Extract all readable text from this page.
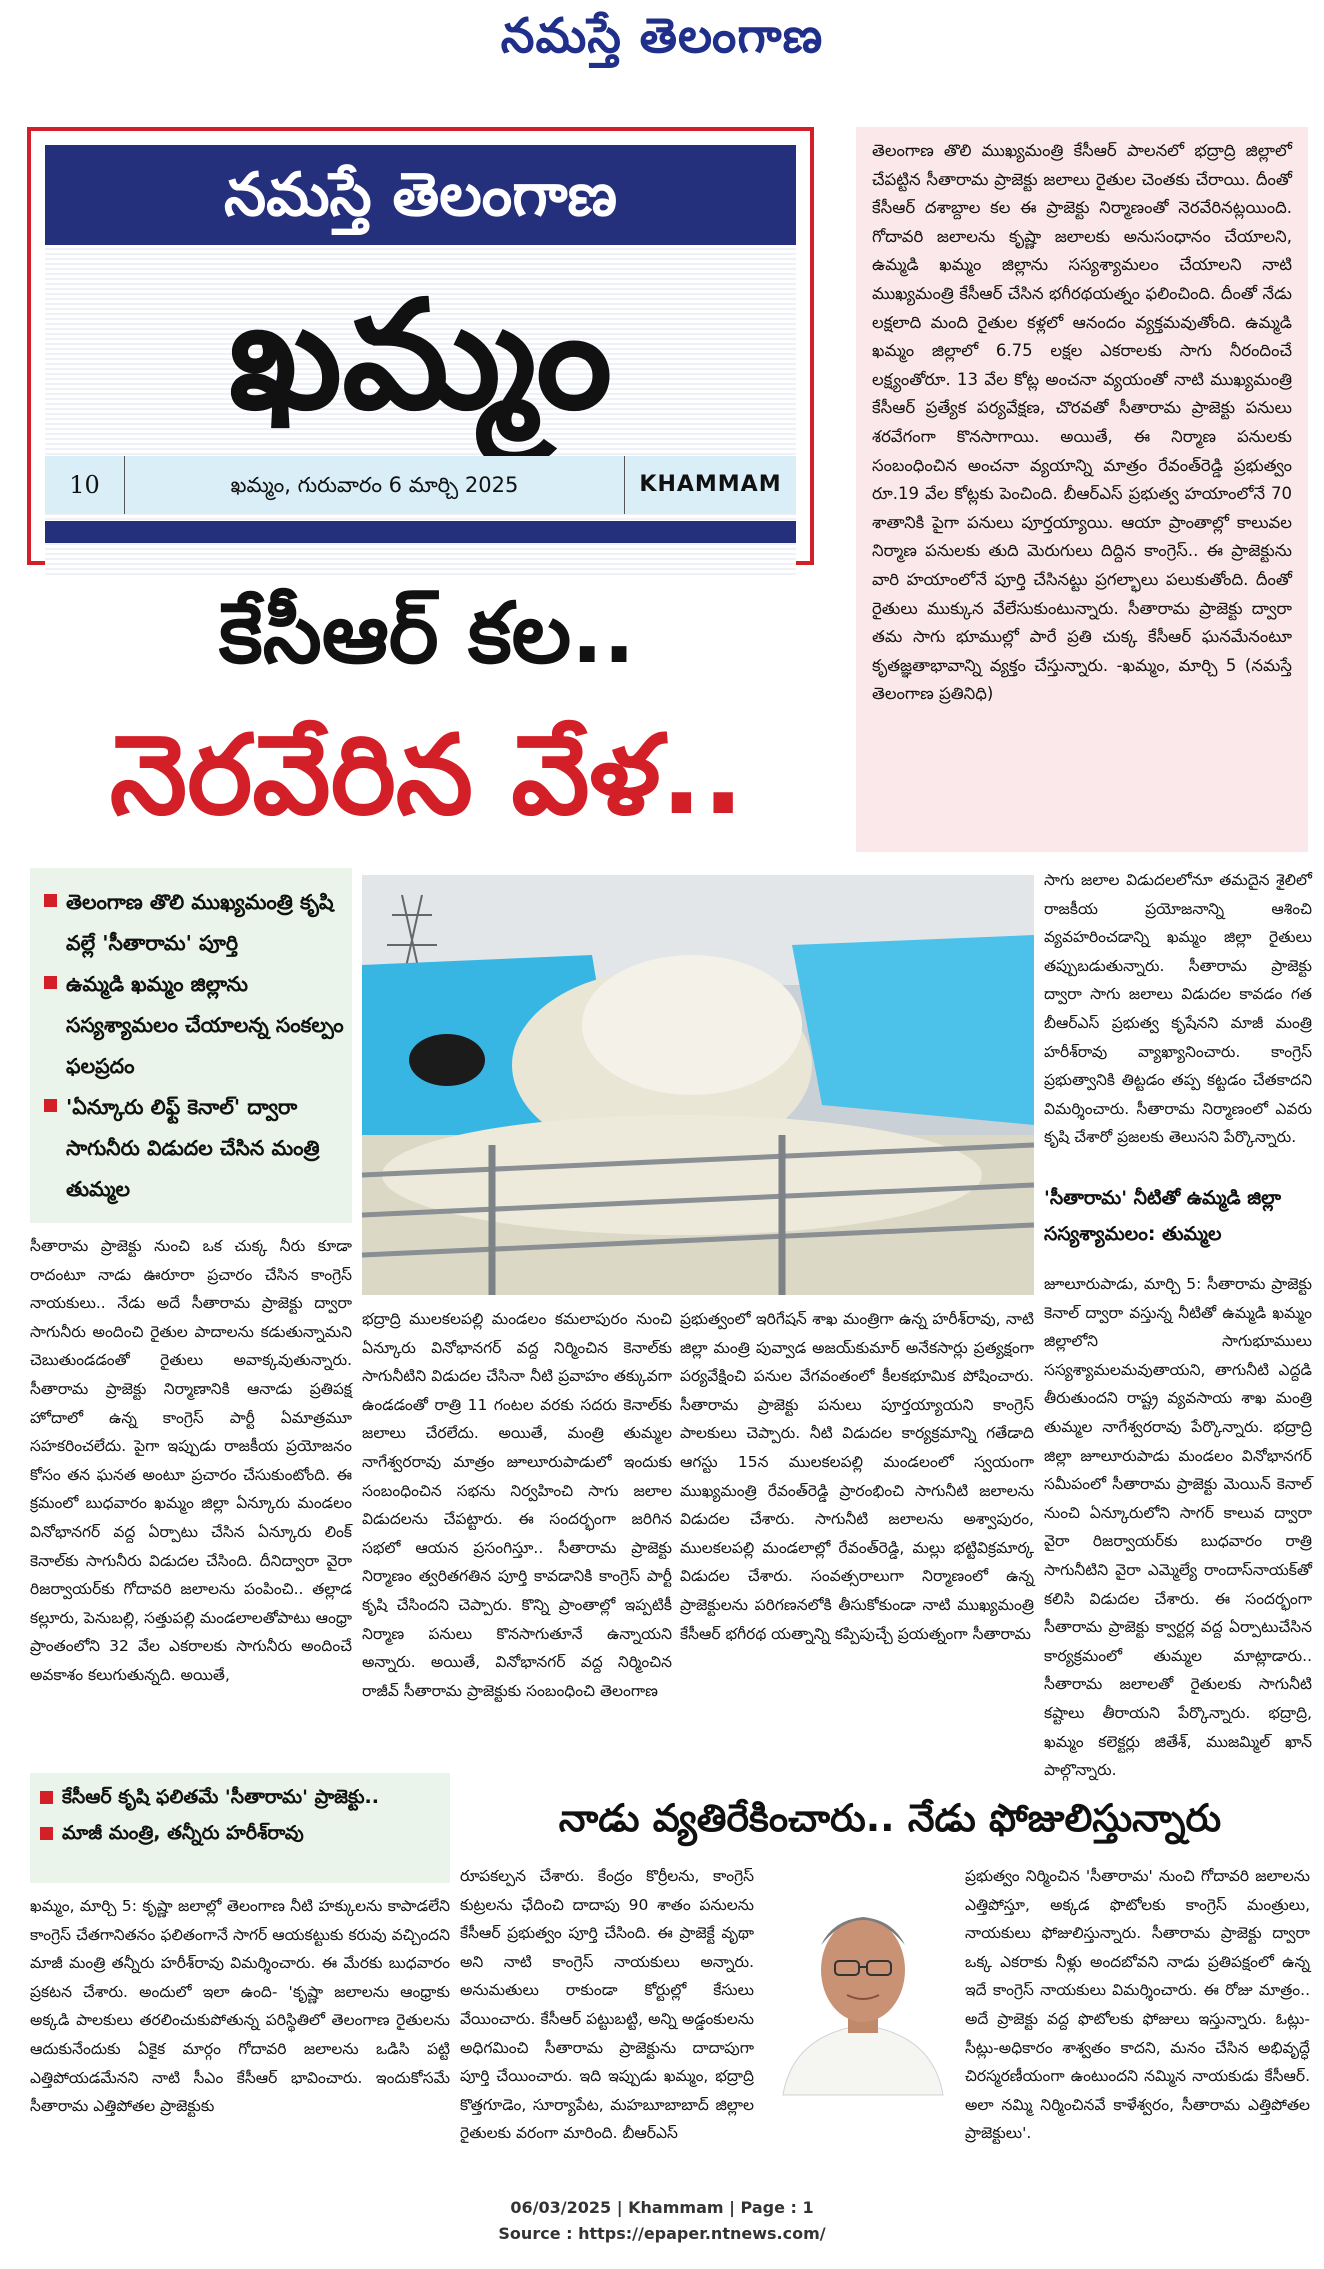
నమస్తే తెలంగాణ
నమస్తే తెలంగాణ
ఖమ్మం
10	ఖమ్మం, గురువారం 6 మార్చి 2025	KHAMMAM
తెలంగాణ తొలి ముఖ్యమంత్రి కేసీఆర్ పాలనలో భద్రాద్రి జిల్లాలో చేపట్టిన సీతారామ ప్రాజెక్టు జలాలు రైతుల చెంతకు చేరాయి. దీంతో కేసీఆర్ దశాబ్దాల కల ఈ ప్రాజెక్టు నిర్మాణంతో నెరవేరినట్లయింది. గోదావరి జలాలను కృష్ణా జలాలకు అనుసంధానం చేయాలని, ఉమ్మడి ఖమ్మం జిల్లాను సస్యశ్యామలం చేయాలని నాటి ముఖ్యమంత్రి కేసీఆర్ చేసిన భగీరథయత్నం ఫలించింది. దీంతో నేడు లక్షలాది మంది రైతుల కళ్లలో ఆనందం వ్యక్తమవుతోంది. ఉమ్మడి ఖమ్మం జిల్లాలో 6.75 లక్షల ఎకరాలకు సాగు నీరందించే లక్ష్యంతోరూ. 13 వేల కోట్ల అంచనా వ్యయంతో నాటి ముఖ్యమంత్రి కేసీఆర్ ప్రత్యేక పర్యవేక్షణ, చొరవతో సీతారామ ప్రాజెక్టు పనులు శరవేగంగా కొనసాగాయి. అయితే, ఈ నిర్మాణ పనులకు సంబంధించిన అంచనా వ్యయాన్ని మాత్రం రేవంత్‌రెడ్డి ప్రభుత్వం రూ.19 వేల కోట్లకు పెంచింది. బీఆర్ఎస్ ప్రభుత్వ హయాంలోనే 70 శాతానికి పైగా పనులు పూర్తయ్యాయి. ఆయా ప్రాంతాల్లో కాలువల నిర్మాణ పనులకు తుది మెరుగులు దిద్దిన కాంగ్రెస్.. ఈ ప్రాజెక్టును వారి హయాంలోనే పూర్తి చేసినట్టు ప్రగల్భాలు పలుకుతోంది. దీంతో రైతులు ముక్కున వేలేసుకుంటున్నారు. సీతారామ ప్రాజెక్టు ద్వారా తమ సాగు భూముల్లో పారే ప్రతి చుక్క కేసీఆర్ ఘనమేనంటూ కృతజ్ఞతాభావాన్ని వ్యక్తం చేస్తున్నారు. -ఖమ్మం, మార్చి 5 (నమస్తే తెలంగాణ ప్రతినిధి)
కేసీఆర్ కల..
నెరవేరిన వేళ..
తెలంగాణ తొలి ముఖ్యమంత్రి కృషి వల్లే 'సీతారామ' పూర్తి
ఉమ్మడి ఖమ్మం జిల్లాను సస్యశ్యామలం చేయాలన్న సంకల్పం ఫలప్రదం
'ఏన్కూరు లిఫ్ట్ కెనాల్' ద్వారా సాగునీరు విడుదల చేసిన మంత్రి తుమ్మల
సీతారామ ప్రాజెక్టు నుంచి ఒక చుక్క నీరు కూడా రాదంటూ నాడు ఊరూరా ప్రచారం చేసిన కాంగ్రెస్ నాయకులు.. నేడు అదే సీతారామ ప్రాజెక్టు ద్వారా సాగునీరు అందించి రైతుల పాదాలను కడుతున్నామని చెబుతుండడంతో రైతులు అవాక్కవుతున్నారు. సీతారామ ప్రాజెక్టు నిర్మాణానికి ఆనాడు ప్రతిపక్ష హోదాలో ఉన్న కాంగ్రెస్ పార్టీ ఏమాత్రమూ సహకరించలేదు. పైగా ఇప్పుడు రాజకీయ ప్రయోజనం కోసం తన ఘనత అంటూ ప్రచారం చేసుకుంటోంది. ఈ క్రమంలో బుధవారం ఖమ్మం జిల్లా ఏన్కూరు మండలం వినోభానగర్ వద్ద ఏర్పాటు చేసిన ఏన్కూరు లింక్ కెనాల్‌కు సాగునీరు విడుదల చేసింది. దీనిద్వారా వైరా రిజర్వాయర్‌కు గోదావరి జలాలను పంపించి.. తల్లాడ కల్లూరు, పెనుబల్లి, సత్తుపల్లి మండలాలతోపాటు ఆంధ్రా ప్రాంతంలోని 32 వేల ఎకరాలకు సాగునీరు అందించే అవకాశం కలుగుతున్నది. అయితే,
భద్రాద్రి ములకలపల్లి మండలం కమలాపురం నుంచి ఏన్కూరు వినోభానగర్ వద్ద నిర్మించిన కెనాల్‌కు సాగునీటిని విడుదల చేసినా నీటి ప్రవాహం తక్కువగా ఉండడంతో రాత్రి 11 గంటల వరకు సదరు కెనాల్‌కు జలాలు చేరలేదు. అయితే, మంత్రి తుమ్మల నాగేశ్వరరావు మాత్రం జూలూరుపాడులో ఇందుకు సంబంధించిన సభను నిర్వహించి సాగు జలాల విడుదలను చేపట్టారు. ఈ సందర్భంగా జరిగిన సభలో ఆయన ప్రసంగిస్తూ.. సీతారామ ప్రాజెక్టు నిర్మాణం త్వరితగతిన పూర్తి కావడానికి కాంగ్రెస్ పార్టీ కృషి చేసిందని చెప్పారు. కొన్ని ప్రాంతాల్లో ఇప్పటికీ నిర్మాణ పనులు కొనసాగుతూనే ఉన్నాయని అన్నారు. అయితే, వినోభానగర్ వద్ద నిర్మించిన రాజీవ్ సీతారామ ప్రాజెక్టుకు సంబంధించి తెలంగాణ
ప్రభుత్వంలో ఇరిగేషన్ శాఖ మంత్రిగా ఉన్న హరీశ్‌రావు, నాటి జిల్లా మంత్రి పువ్వాడ అజయ్‌కుమార్ అనేకసార్లు ప్రత్యక్షంగా పర్యవేక్షించి పనుల వేగవంతంలో కీలకభూమిక పోషించారు. సీతారామ ప్రాజెక్టు పనులు పూర్తయ్యాయని కాంగ్రెస్ పాలకులు చెప్పారు. నీటి విడుదల కార్యక్రమాన్ని గతేడాది ఆగస్టు 15న ములకలపల్లి మండలంలో స్వయంగా ముఖ్యమంత్రి రేవంత్‌రెడ్డి ప్రారంభించి సాగునీటి జలాలను విడుదల చేశారు. సాగునీటి జలాలను అశ్వాపురం, ములకలపల్లి మండలాల్లో రేవంత్‌రెడ్డి, మల్లు భట్టివిక్రమార్క విడుదల చేశారు. సంవత్సరాలుగా నిర్మాణంలో ఉన్న ప్రాజెక్టులను పరిగణనలోకి తీసుకోకుండా నాటి ముఖ్యమంత్రి కేసీఆర్ భగీరథ యత్నాన్ని కప్పిపుచ్చే ప్రయత్నంగా సీతారామ
సాగు జలాల విడుదలలోనూ తమదైన శైలిలో రాజకీయ ప్రయోజనాన్ని ఆశించి వ్యవహరించడాన్ని ఖమ్మం జిల్లా రైతులు తప్పుబడుతున్నారు. సీతారామ ప్రాజెక్టు ద్వారా సాగు జలాలు విడుదల కావడం గత బీఆర్ఎస్ ప్రభుత్వ కృషేనని మాజీ మంత్రి హరీశ్‌రావు వ్యాఖ్యానించారు. కాంగ్రెస్ ప్రభుత్వానికి తిట్టడం తప్ప కట్టడం చేతకాదని విమర్శించారు. సీతారామ నిర్మాణంలో ఎవరు కృషి చేశారో ప్రజలకు తెలుసని పేర్కొన్నారు.
'సీతారామ' నీటితో ఉమ్మడి జిల్లా సస్యశ్యామలం: తుమ్మల
జూలూరుపాడు, మార్చి 5: సీతారామ ప్రాజెక్టు కెనాల్ ద్వారా వస్తున్న నీటితో ఉమ్మడి ఖమ్మం జిల్లాలోని సాగుభూములు సస్యశ్యామలమవుతాయని, తాగునీటి ఎద్దడి తీరుతుందని రాష్ట్ర వ్యవసాయ శాఖ మంత్రి తుమ్మల నాగేశ్వరరావు పేర్కొన్నారు. భద్రాద్రి జిల్లా జూలూరుపాడు మండలం వినోభానగర్ సమీపంలో సీతారామ ప్రాజెక్టు మెయిన్ కెనాల్ నుంచి ఏన్కూరులోని సాగర్ కాలువ ద్వారా వైరా రిజర్వాయర్‌కు బుధవారం రాత్రి సాగునీటిని వైరా ఎమ్మెల్యే రాందాస్‌నాయక్‌తో కలిసి విడుదల చేశారు. ఈ సందర్భంగా సీతారామ ప్రాజెక్టు క్వార్టర్ల వద్ద ఏర్పాటుచేసిన కార్యక్రమంలో తుమ్మల మాట్లాడారు.. సీతారామ జలాలతో రైతులకు సాగునీటి కష్టాలు తీరాయని పేర్కొన్నారు. భద్రాద్రి, ఖమ్మం కలెక్టర్లు జితేశ్, ముజమ్మిల్ ఖాన్ పాల్గొన్నారు.
కేసీఆర్ కృషి ఫలితమే 'సీతారామ' ప్రాజెక్టు..
మాజీ మంత్రి, తన్నీరు హరీశ్‌రావు	నాడు వ్యతిరేకించారు.. నేడు ఫోజులిస్తున్నారు
ఖమ్మం, మార్చి 5: కృష్ణా జలాల్లో తెలంగాణ నీటి హక్కులను కాపాడలేని కాంగ్రెస్ చేతగానితనం ఫలితంగానే సాగర్ ఆయకట్టుకు కరువు వచ్చిందని మాజీ మంత్రి తన్నీరు హరీశ్‌రావు విమర్శించారు. ఈ మేరకు బుధవారం ప్రకటన చేశారు. అందులో ఇలా ఉంది- 'కృష్ణా జలాలను ఆంధ్రాకు అక్కడి పాలకులు తరలించుకుపోతున్న పరిస్థితిలో తెలంగాణ రైతులను ఆదుకునేందుకు ఏకైక మార్గం గోదావరి జలాలను ఒడిసి పట్టి ఎత్తిపోయడమేనని నాటి సీఎం కేసీఆర్ భావించారు. ఇందుకోసమే సీతారామ ఎత్తిపోతల ప్రాజెక్టుకు
రూపకల్పన చేశారు. కేంద్రం కొర్రీలను, కాంగ్రెస్ కుట్రలను ఛేదించి దాదాపు 90 శాతం పనులను కేసీఆర్ ప్రభుత్వం పూర్తి చేసింది. ఈ ప్రాజెక్టే వృథా అని నాటి కాంగ్రెస్ నాయకులు అన్నారు. అనుమతులు రాకుండా కోర్టుల్లో కేసులు వేయించారు. కేసీఆర్ పట్టుబట్టి, అన్ని అడ్డంకులను అధిగమించి సీతారామ ప్రాజెక్టును దాదాపుగా పూర్తి చేయించారు. ఇది ఇప్పుడు ఖమ్మం, భద్రాద్రి కొత్తగూడెం, సూర్యాపేట, మహబూబాబాద్ జిల్లాల రైతులకు వరంగా మారింది. బీఆర్ఎస్
ప్రభుత్వం నిర్మించిన 'సీతారామ' నుంచి గోదావరి జలాలను ఎత్తిపోస్తూ, అక్కడ ఫొటోలకు కాంగ్రెస్ మంత్రులు, నాయకులు ఫోజులిస్తున్నారు. సీతారామ ప్రాజెక్టు ద్వారా ఒక్క ఎకరాకు నీళ్లు అందబోవని నాడు ప్రతిపక్షంలో ఉన్న ఇదే కాంగ్రెస్ నాయకులు విమర్శించారు. ఈ రోజు మాత్రం.. అదే ప్రాజెక్టు వద్ద ఫొటోలకు ఫోజులు ఇస్తున్నారు. ఓట్లు-సీట్లు-అధికారం శాశ్వతం కాదని, మనం చేసిన అభివృద్ధే చిరస్మరణీయంగా ఉంటుందని నమ్మిన నాయకుడు కేసీఆర్. అలా నమ్మి నిర్మించినవే కాళేశ్వరం, సీతారామ ఎత్తిపోతల ప్రాజెక్టులు'.
06/03/2025 | Khammam | Page : 1
Source : https://epaper.ntnews.com/
